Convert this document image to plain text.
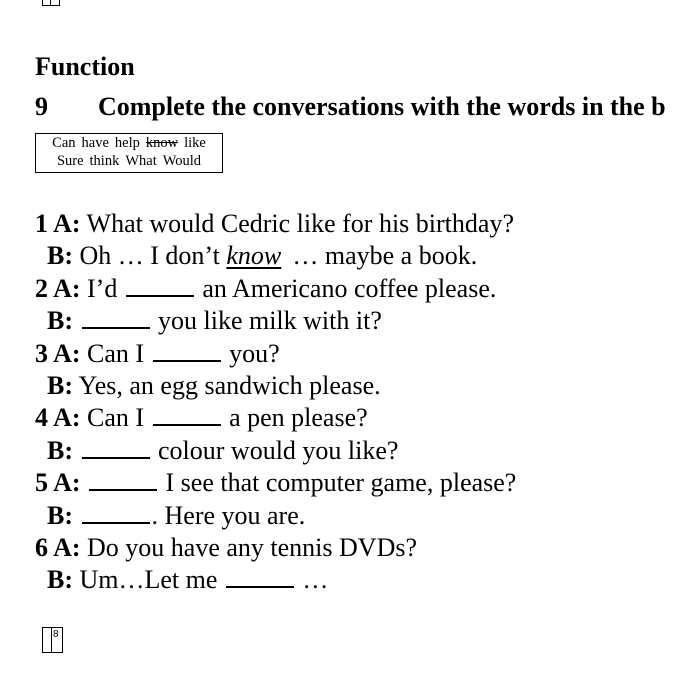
Function
9 Complete the conversations with the words in the b
Can have help know like
Sure think What Would
1 A: What would Cedric like for his birthday?
B: Oh … I don’t know … maybe a book.
2 A: I’d	an Americano coffee please.
B:	you like milk with it?
3 A: Can I	you?
B: Yes, an egg sandwich please.
4 A: Can I	a pen please?
B:	colour would you like?
5 A:	I see that computer game, please?
B:	. Here you are.
6 A: Do you have any tennis DVDs?
B: Um…Let me	…
8
